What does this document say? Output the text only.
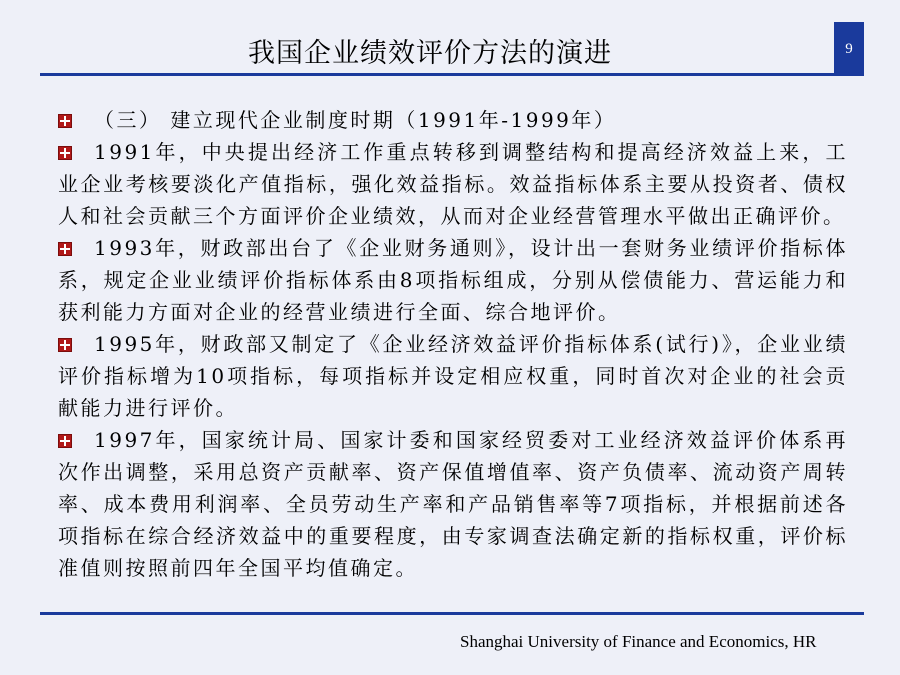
9
我国企业绩效评价方法的演进

（三） 建立现代企业制度时期（1991年-1999年）

1991年，中央提出经济工作重点转移到调整结构和提高经济效益上来，工业企业考核要淡化产值指标，强化效益指标。效益指标体系主要从投资者、债权人和社会贡献三个方面评价企业绩效，从而对企业经营管理水平做出正确评价。

1993年，财政部出台了《企业财务通则》，设计出一套财务业绩评价指标体系，规定企业业绩评价指标体系由8项指标组成，分别从偿债能力、营运能力和获利能力方面对企业的经营业绩进行全面、综合地评价。

1995年，财政部又制定了《企业经济效益评价指标体系(试行)》，企业业绩评价指标增为10项指标，每项指标并设定相应权重，同时首次对企业的社会贡献能力进行评价。

1997年，国家统计局、国家计委和国家经贸委对工业经济效益评价体系再次作出调整，采用总资产贡献率、资产保值增值率、资产负债率、流动资产周转率、成本费用利润率、全员劳动生产率和产品销售率等7项指标，并根据前述各项指标在综合经济效益中的重要程度，由专家调查法确定新的指标权重，评价标准值则按照前四年全国平均值确定。

Shanghai University of Finance and Economics, HR
